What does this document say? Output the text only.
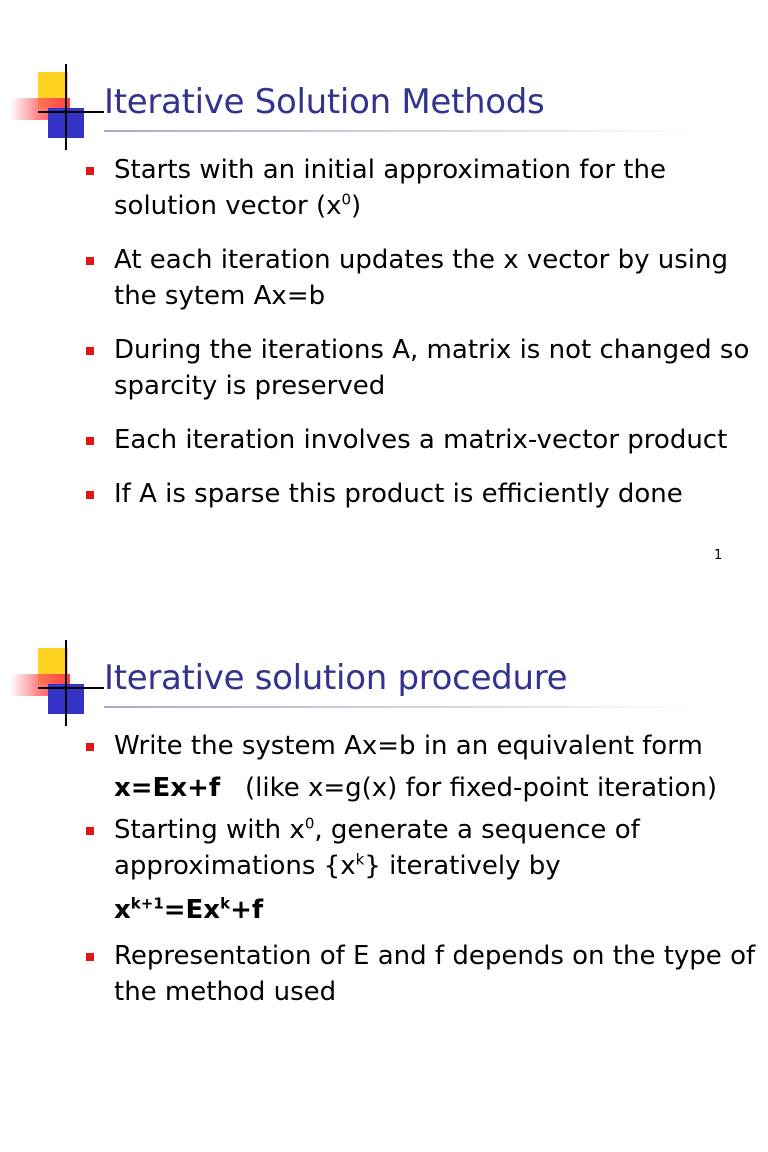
Iterative Solution Methods
Starts with an initial approximation for the solution vector $(x^0)$
At each iteration updates the x vector by using the sytem Ax=b
During the iterations A, matrix is not changed so sparcity is preserved
Each iteration involves a matrix-vector product
If A is sparse this product is efficiently done
1
Iterative solution procedure
Write the system Ax=b in an equivalent form
x=Ex+f (like x=g(x) for fixed-point iteration)
Starting with $x^0$, generate a sequence of
approximations $\{x^k\}$ iteratively by
$x^{k+1}=Ex^k+f$
Representation of E and f depends on the type of the method used
